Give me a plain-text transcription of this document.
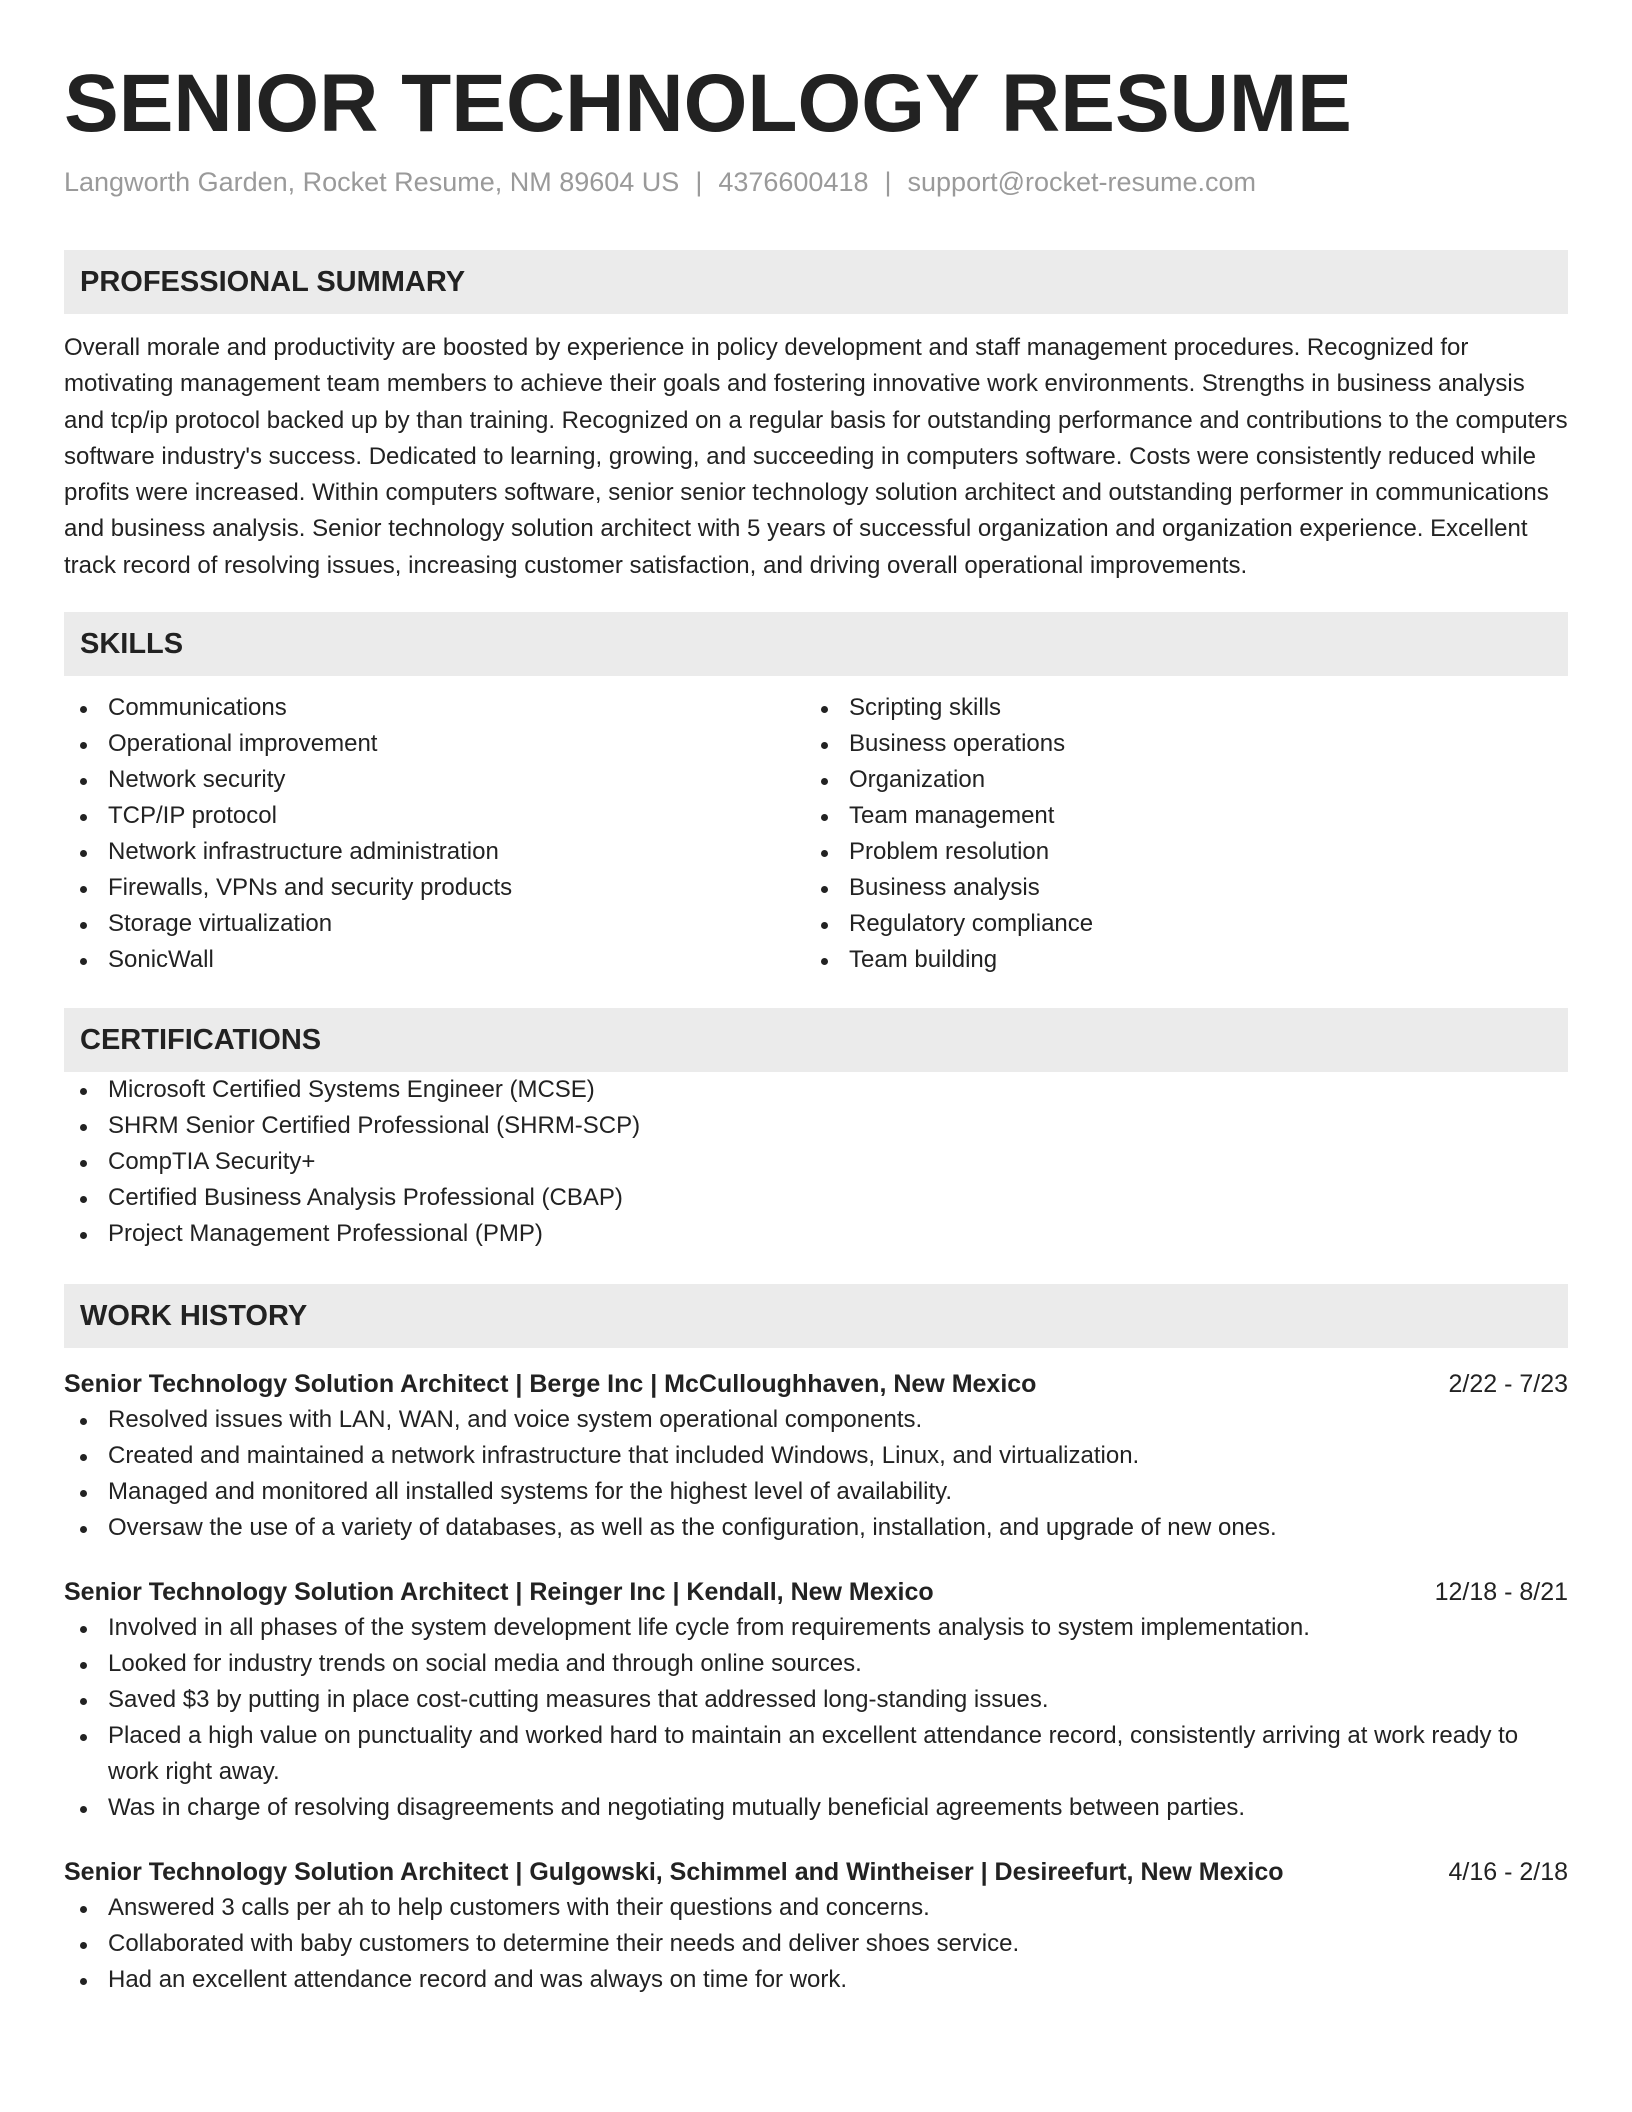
SENIOR TECHNOLOGY RESUME
Langworth Garden, Rocket Resume, NM 89604 US | 4376600418 | support@rocket-resume.com
PROFESSIONAL SUMMARY

Overall morale and productivity are boosted by experience in policy development and staff management procedures. Recognized for motivating management team members to achieve their goals and fostering innovative work environments. Strengths in business analysis and tcp/ip protocol backed up by than training. Recognized on a regular basis for outstanding performance and contributions to the computers software industry's success. Dedicated to learning, growing, and succeeding in computers software. Costs were consistently reduced while profits were increased. Within computers software, senior senior technology solution architect and outstanding performer in communications and business analysis. Senior technology solution architect with 5 years of successful organization and organization experience. Excellent track record of resolving issues, increasing customer satisfaction, and driving overall operational improvements.

SKILLS
Communications
Operational improvement
Network security
TCP/IP protocol
Network infrastructure administration
Firewalls, VPNs and security products
Storage virtualization
SonicWall
Scripting skills
Business operations
Organization
Team management
Problem resolution
Business analysis
Regulatory compliance
Team building
CERTIFICATIONS
Microsoft Certified Systems Engineer (MCSE)
SHRM Senior Certified Professional (SHRM-SCP)
CompTIA Security+
Certified Business Analysis Professional (CBAP)
Project Management Professional (PMP)
WORK HISTORY
Senior Technology Solution Architect | Berge Inc | McCulloughhaven, New Mexico	2/22 - 7/23
Resolved issues with LAN, WAN, and voice system operational components.
Created and maintained a network infrastructure that included Windows, Linux, and virtualization.
Managed and monitored all installed systems for the highest level of availability.
Oversaw the use of a variety of databases, as well as the configuration, installation, and upgrade of new ones.
Senior Technology Solution Architect | Reinger Inc | Kendall, New Mexico	12/18 - 8/21
Involved in all phases of the system development life cycle from requirements analysis to system implementation.
Looked for industry trends on social media and through online sources.
Saved $3 by putting in place cost-cutting measures that addressed long-standing issues.
Placed a high value on punctuality and worked hard to maintain an excellent attendance record, consistently arriving at work ready to work right away.
Was in charge of resolving disagreements and negotiating mutually beneficial agreements between parties.
Senior Technology Solution Architect | Gulgowski, Schimmel and Wintheiser | Desireefurt, New Mexico	4/16 - 2/18
Answered 3 calls per ah to help customers with their questions and concerns.
Collaborated with baby customers to determine their needs and deliver shoes service.
Had an excellent attendance record and was always on time for work.
